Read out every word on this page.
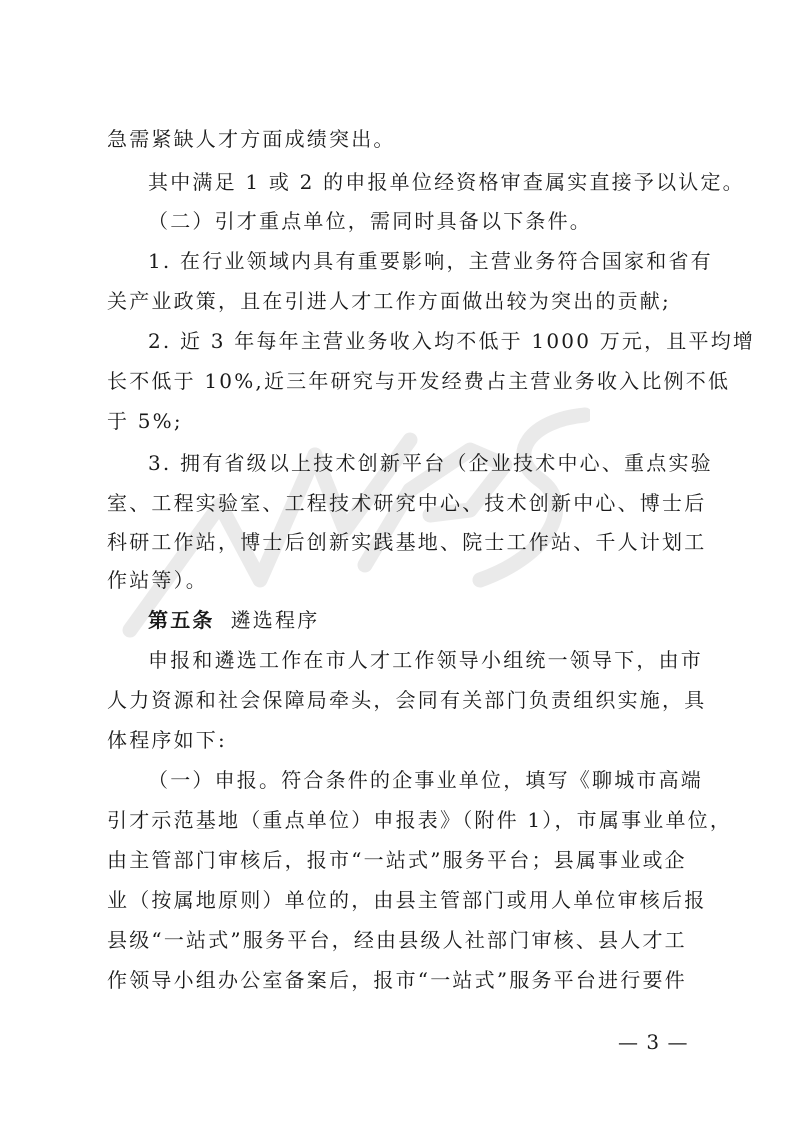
急需紧缺人才方面成绩突出。
其中满足 1 或 2 的申报单位经资格审查属实直接予以认定。
（二）引才重点单位，需同时具备以下条件。
1. 在行业领域内具有重要影响，主营业务符合国家和省有
关产业政策，且在引进人才工作方面做出较为突出的贡献;
2. 近 3 年每年主营业务收入均不低于 1000 万元，且平均增
长不低于 10%,近三年研究与开发经费占主营业务收入比例不低
于 5%;
3. 拥有省级以上技术创新平台（企业技术中心、重点实验
室、工程实验室、工程技术研究中心、技术创新中心、博士后
科研工作站，博士后创新实践基地、院士工作站、千人计划工
作站等）。
第五条 遴选程序
申报和遴选工作在市人才工作领导小组统一领导下，由市
人力资源和社会保障局牵头，会同有关部门负责组织实施，具
体程序如下:
（一）申报。符合条件的企事业单位，填写《聊城市高端
引才示范基地（重点单位）申报表》（附件 1），市属事业单位，
由主管部门审核后，报市“一站式”服务平台；县属事业或企
业（按属地原则）单位的，由县主管部门或用人单位审核后报
县级“一站式”服务平台，经由县级人社部门审核、县人才工
作领导小组办公室备案后，报市“一站式”服务平台进行要件
— 3 —
